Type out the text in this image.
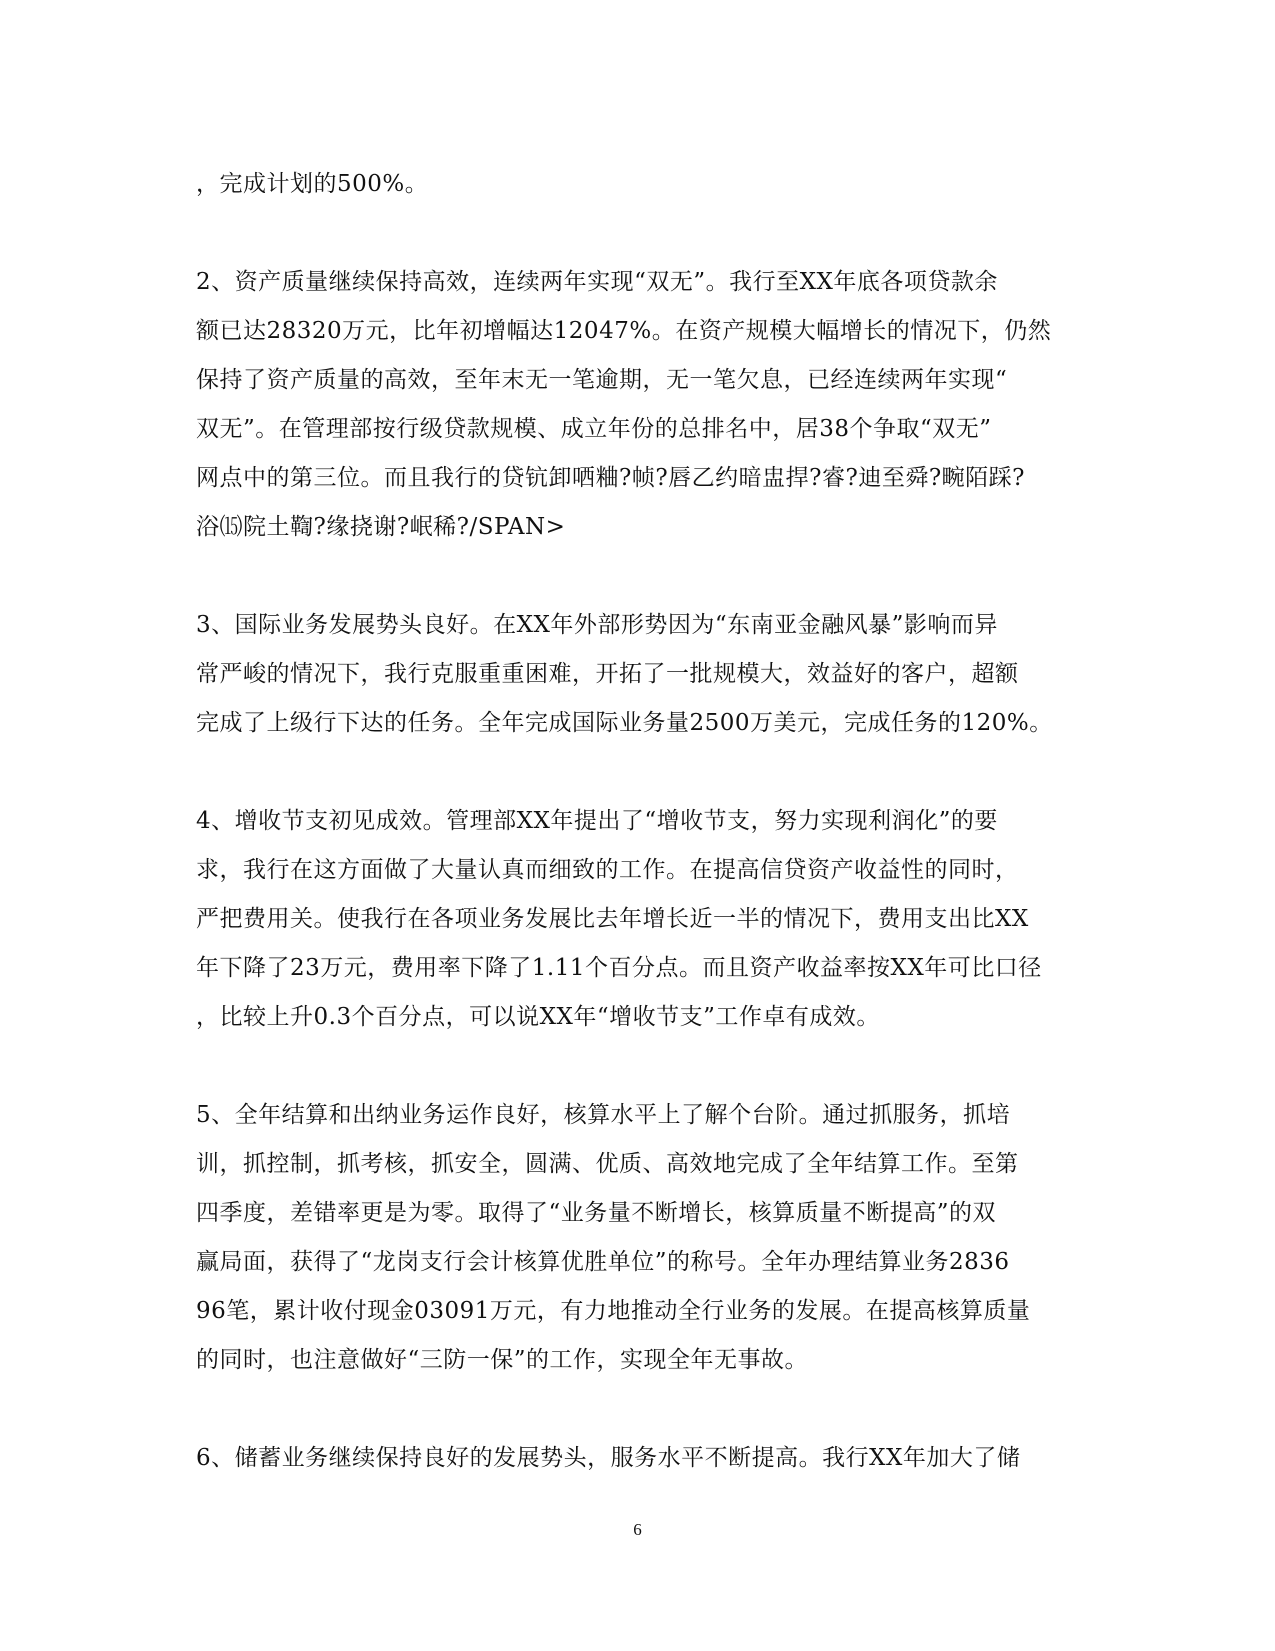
，完成计划的500%。
2、资产质量继续保持高效，连续两年实现“双无”。我行至XX年底各项贷款余
额已达28320万元，比年初增幅达12047%。在资产规模大幅增长的情况下，仍然
保持了资产质量的高效，至年末无一笔逾期，无一笔欠息，已经连续两年实现“
双无”。在管理部按行级贷款规模、成立年份的总排名中，居38个争取“双无”
网点中的第三位。而且我行的贷钪卸哂粬?帧?唇乙约暗盅捍?睿?迪至舜?畹陌踩?
浴⒂院土鞫?缘挠谢?岷稀?/SPAN>
3、国际业务发展势头良好。在XX年外部形势因为“东南亚金融风暴”影响而异
常严峻的情况下，我行克服重重困难，开拓了一批规模大，效益好的客户，超额
完成了上级行下达的任务。全年完成国际业务量2500万美元，完成任务的120%。
4、增收节支初见成效。管理部XX年提出了“增收节支，努力实现利润化”的要
求，我行在这方面做了大量认真而细致的工作。在提高信贷资产收益性的同时，
严把费用关。使我行在各项业务发展比去年增长近一半的情况下，费用支出比XX
年下降了23万元，费用率下降了1.11个百分点。而且资产收益率按XX年可比口径
，比较上升0.3个百分点，可以说XX年“增收节支”工作卓有成效。
5、全年结算和出纳业务运作良好，核算水平上了解个台阶。通过抓服务，抓培
训，抓控制，抓考核，抓安全，圆满、优质、高效地完成了全年结算工作。至第
四季度，差错率更是为零。取得了“业务量不断增长，核算质量不断提高”的双
赢局面，获得了“龙岗支行会计核算优胜单位”的称号。全年办理结算业务2836
96笔，累计收付现金03091万元，有力地推动全行业务的发展。在提高核算质量
的同时，也注意做好“三防一保”的工作，实现全年无事故。
6、储蓄业务继续保持良好的发展势头，服务水平不断提高。我行XX年加大了储
6
